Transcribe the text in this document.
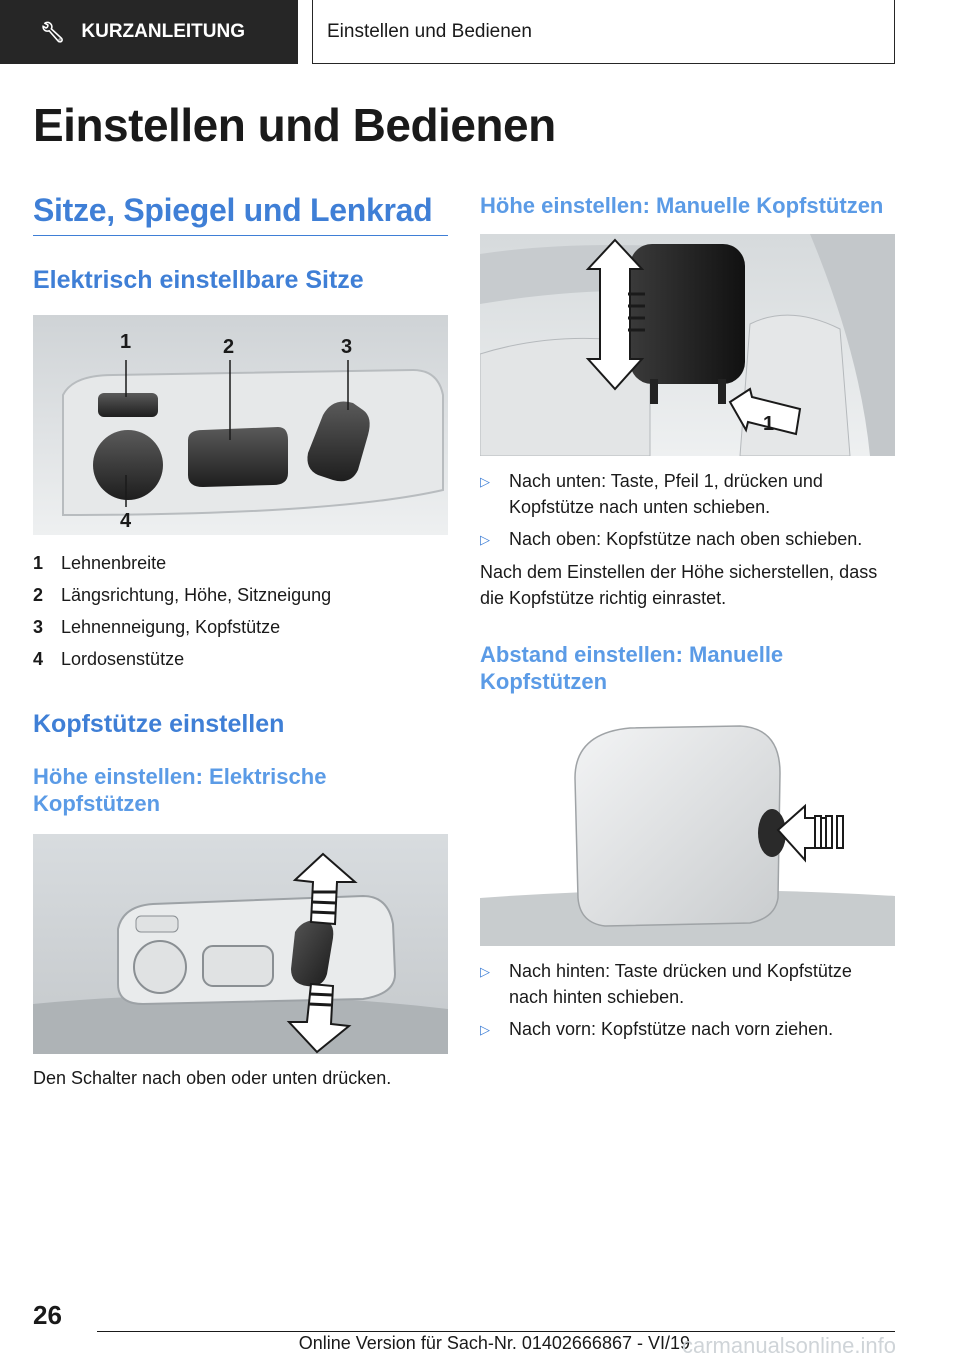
🔧︎ KURZANLEITUNG	Einstellen und Bedienen
Einstellen und Bedienen
Sitze, Spiegel und Lenkrad
Elektrisch einstellbare Sitze
1	2	3
4
1 Lehnenbreite
2 Längsrichtung, Höhe, Sitzneigung
3 Lehnenneigung, Kopfstütze
4 Lordosenstütze
Kopfstütze einstellen
Höhe einstellen: Elektrische Kopfstützen

Den Schalter nach oben oder unten drücken.

Höhe einstellen: Manuelle Kopfstützen
1
▷	Nach unten: Taste, Pfeil 1, drücken und Kopfstütze nach unten schieben.
▷	Nach oben: Kopfstütze nach oben schieben.

Nach dem Einstellen der Höhe sicherstellen, dass die Kopfstütze richtig einrastet.

Abstand einstellen: Manuelle Kopfstützen
▷	Nach hinten: Taste drücken und Kopfstütze nach hinten schieben.
▷	Nach vorn: Kopfstütze nach vorn ziehen.
26
Online Version für Sach-Nr. 01402666867 - VI/19
carmanualsonline.info
